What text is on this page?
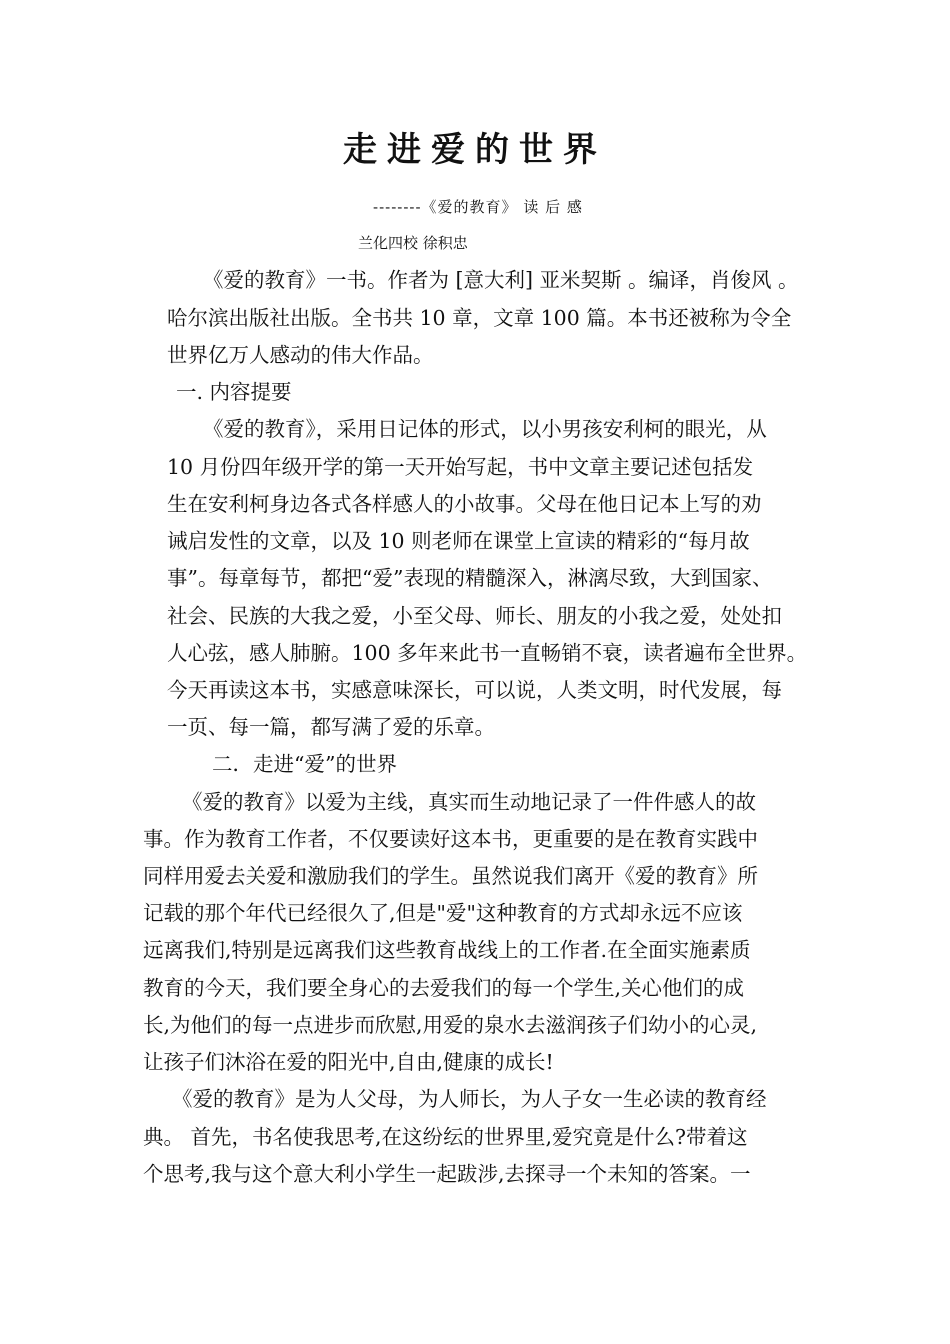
走进爱的世界
--------《爱的教育》 读 后 感
兰化四校 徐积忠
《爱的教育》一书。作者为 [意大利] 亚米契斯 。编译，肖俊风 。
哈尔滨出版社出版。全书共 10 章，文章 100 篇。本书还被称为令全
世界亿万人感动的伟大作品。
一. 内容提要
《爱的教育》，采用日记体的形式，以小男孩安利柯的眼光，从
10 月份四年级开学的第一天开始写起，书中文章主要记述包括发
生在安利柯身边各式各样感人的小故事。父母在他日记本上写的劝
诫启发性的文章，以及 10 则老师在课堂上宣读的精彩的“每月故
事”。每章每节，都把“爱”表现的精髓深入，淋漓尽致，大到国家、
社会、民族的大我之爱，小至父母、师长、朋友的小我之爱，处处扣
人心弦，感人肺腑。100 多年来此书一直畅销不衰，读者遍布全世界。
今天再读这本书，实感意味深长，可以说，人类文明，时代发展，每
一页、每一篇，都写满了爱的乐章。
二．走进“爱”的世界
《爱的教育》以爱为主线，真实而生动地记录了一件件感人的故
事。作为教育工作者，不仅要读好这本书，更重要的是在教育实践中
同样用爱去关爱和激励我们的学生。虽然说我们离开《爱的教育》所
记载的那个年代已经很久了,但是"爱"这种教育的方式却永远不应该
远离我们,特别是远离我们这些教育战线上的工作者.在全面实施素质
教育的今天，我们要全身心的去爱我们的每一个学生,关心他们的成
长,为他们的每一点进步而欣慰,用爱的泉水去滋润孩子们幼小的心灵,
让孩子们沐浴在爱的阳光中,自由,健康的成长!
《爱的教育》是为人父母，为人师长，为人子女一生必读的教育经
典。 首先，书名使我思考,在这纷纭的世界里,爱究竟是什么?带着这
个思考,我与这个意大利小学生一起跋涉,去探寻一个未知的答案。一
